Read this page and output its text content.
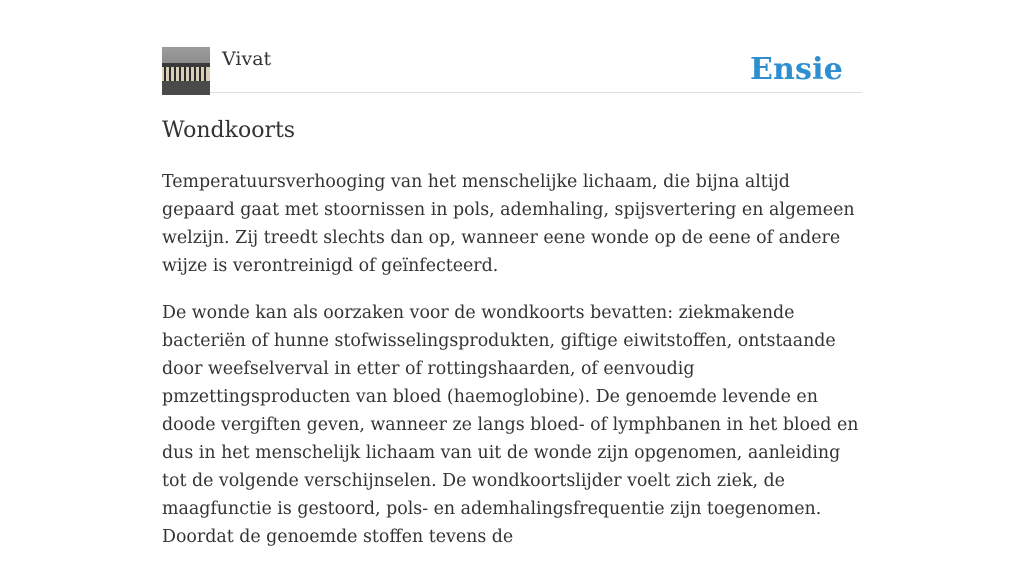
Vivat	Ensie
Wondkoorts

Temperatuursverhooging van het menschelijke lichaam, die bijna altijd gepaard gaat met stoornissen in pols, ademhaling, spijsvertering en algemeen welzijn. Zij treedt slechts dan op, wanneer eene wonde op de eene of andere wijze is verontreinigd of geïnfecteerd.

De wonde kan als oorzaken voor de wondkoorts bevatten: ziekmakende bacteriën of hunne stofwisselingsprodukten, giftige eiwitstoffen, ontstaande door weefselverval in etter of rottingshaarden, of eenvoudig pmzettingsproducten van bloed (haemoglobine). De genoemde levende en doode vergiften geven, wanneer ze langs bloed- of lymphbanen in het bloed en dus in het menschelijk lichaam van uit de wonde zijn opgenomen, aanleiding tot de volgende verschijnselen. De wondkoortslijder voelt zich ziek, de maagfunctie is gestoord, pols- en ademhalingsfrequentie zijn toegenomen. Doordat de genoemde stoffen tevens de
